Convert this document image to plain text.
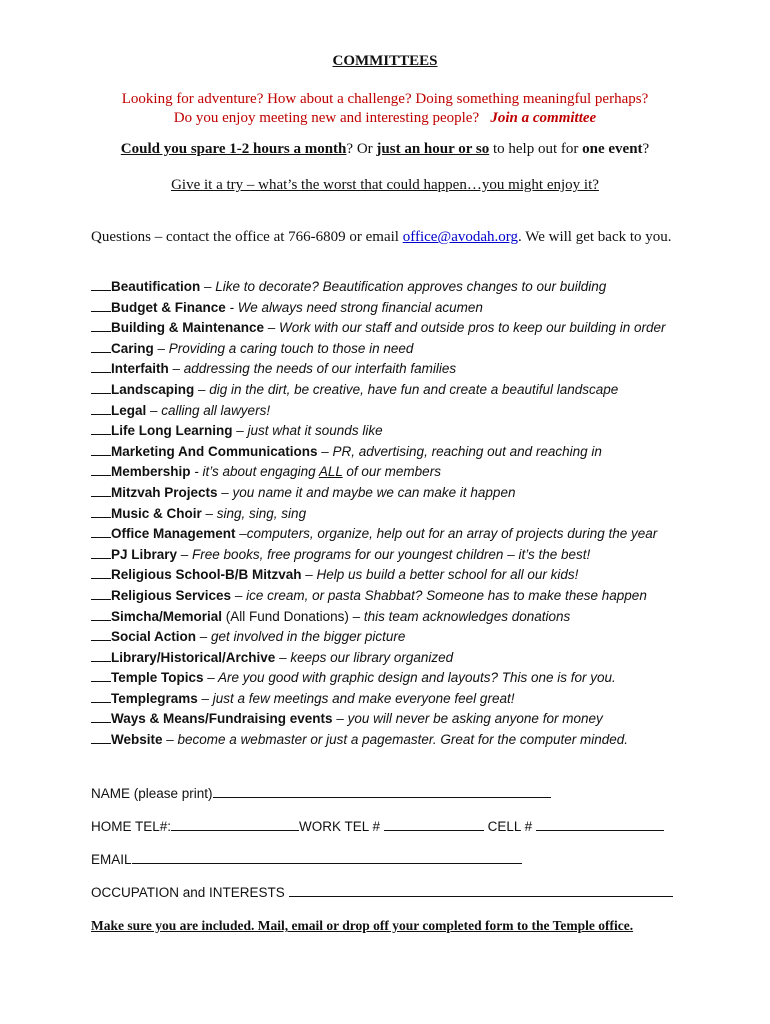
COMMITTEES
Looking for adventure? How about a challenge? Doing something meaningful perhaps?
Do you enjoy meeting new and interesting people? Join a committee
Could you spare 1-2 hours a month? Or just an hour or so to help out for one event?
Give it a try – what’s the worst that could happen…you might enjoy it?
Questions – contact the office at 766-6809 or email office@avodah.org. We will get back to you.
Beautification – Like to decorate? Beautification approves changes to our building
Budget & Finance - We always need strong financial acumen
Building & Maintenance – Work with our staff and outside pros to keep our building in order
Caring – Providing a caring touch to those in need
Interfaith – addressing the needs of our interfaith families
Landscaping – dig in the dirt, be creative, have fun and create a beautiful landscape
Legal – calling all lawyers!
Life Long Learning – just what it sounds like
Marketing And Communications – PR, advertising, reaching out and reaching in
Membership - it’s about engaging ALL of our members
Mitzvah Projects – you name it and maybe we can make it happen
Music & Choir – sing, sing, sing
Office Management –computers, organize, help out for an array of projects during the year
PJ Library – Free books, free programs for our youngest children – it’s the best!
Religious School-B/B Mitzvah – Help us build a better school for all our kids!
Religious Services – ice cream, or pasta Shabbat? Someone has to make these happen
Simcha/Memorial (All Fund Donations) – this team acknowledges donations
Social Action – get involved in the bigger picture
Library/Historical/Archive – keeps our library organized
Temple Topics – Are you good with graphic design and layouts? This one is for you.
Templegrams – just a few meetings and make everyone feel great!
Ways & Means/Fundraising events – you will never be asking anyone for money
Website – become a webmaster or just a pagemaster. Great for the computer minded.
NAME (please print)
HOME TEL#:	WORK TEL #	CELL #
EMAIL
OCCUPATION and INTERESTS
Make sure you are included. Mail, email or drop off your completed form to the Temple office.
